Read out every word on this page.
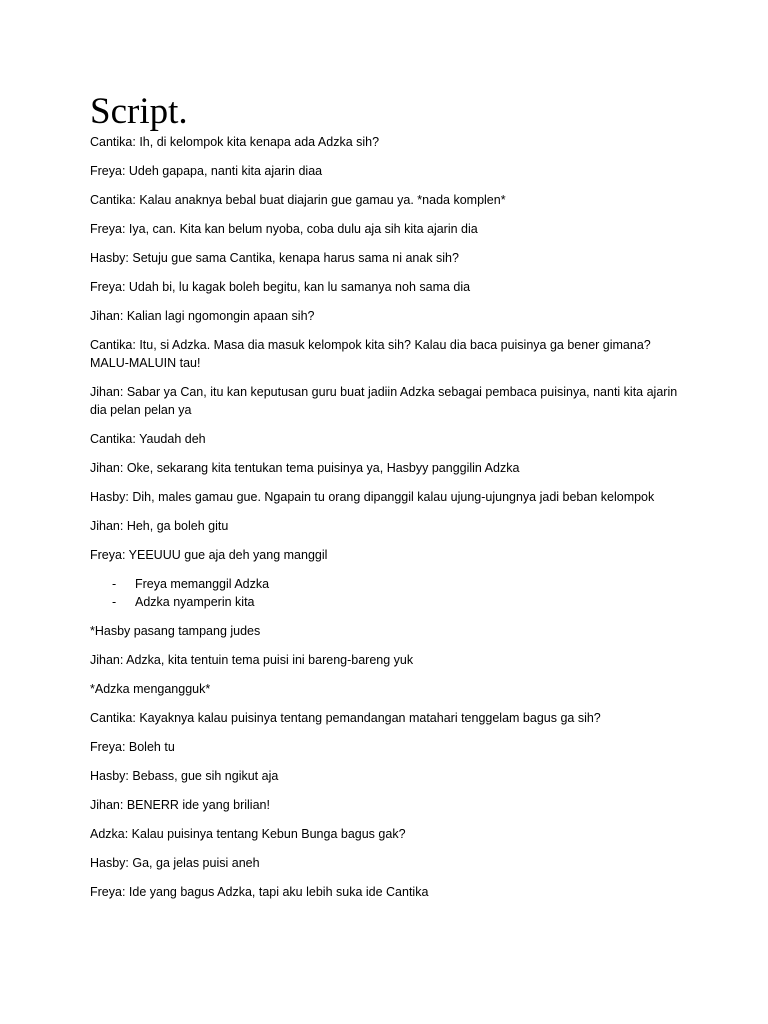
Script.

Cantika: Ih, di kelompok kita kenapa ada Adzka sih?

Freya: Udeh gapapa, nanti kita ajarin diaa

Cantika: Kalau anaknya bebal buat diajarin gue gamau ya. *nada komplen*

Freya: Iya, can. Kita kan belum nyoba, coba dulu aja sih kita ajarin dia

Hasby: Setuju gue sama Cantika, kenapa harus sama ni anak sih?

Freya: Udah bi, lu kagak boleh begitu, kan lu samanya noh sama dia

Jihan: Kalian lagi ngomongin apaan sih?

Cantika: Itu, si Adzka. Masa dia masuk kelompok kita sih? Kalau dia baca puisinya ga bener gimana? MALU-MALUIN tau!

Jihan: Sabar ya Can, itu kan keputusan guru buat jadiin Adzka sebagai pembaca puisinya, nanti kita ajarin dia pelan pelan ya

Cantika: Yaudah deh

Jihan: Oke, sekarang kita tentukan tema puisinya ya, Hasbyy panggilin Adzka

Hasby: Dih, males gamau gue. Ngapain tu orang dipanggil kalau ujung-ujungnya jadi beban kelompok

Jihan: Heh, ga boleh gitu

Freya: YEEUUU gue aja deh yang manggil

- Freya memanggil Adzka
- Adzka nyamperin kita

*Hasby pasang tampang judes

Jihan: Adzka, kita tentuin tema puisi ini bareng-bareng yuk

*Adzka mengangguk*

Cantika: Kayaknya kalau puisinya tentang pemandangan matahari tenggelam bagus ga sih?

Freya: Boleh tu

Hasby: Bebass, gue sih ngikut aja

Jihan: BENERR ide yang brilian!

Adzka: Kalau puisinya tentang Kebun Bunga bagus gak?

Hasby: Ga, ga jelas puisi aneh

Freya: Ide yang bagus Adzka, tapi aku lebih suka ide Cantika
